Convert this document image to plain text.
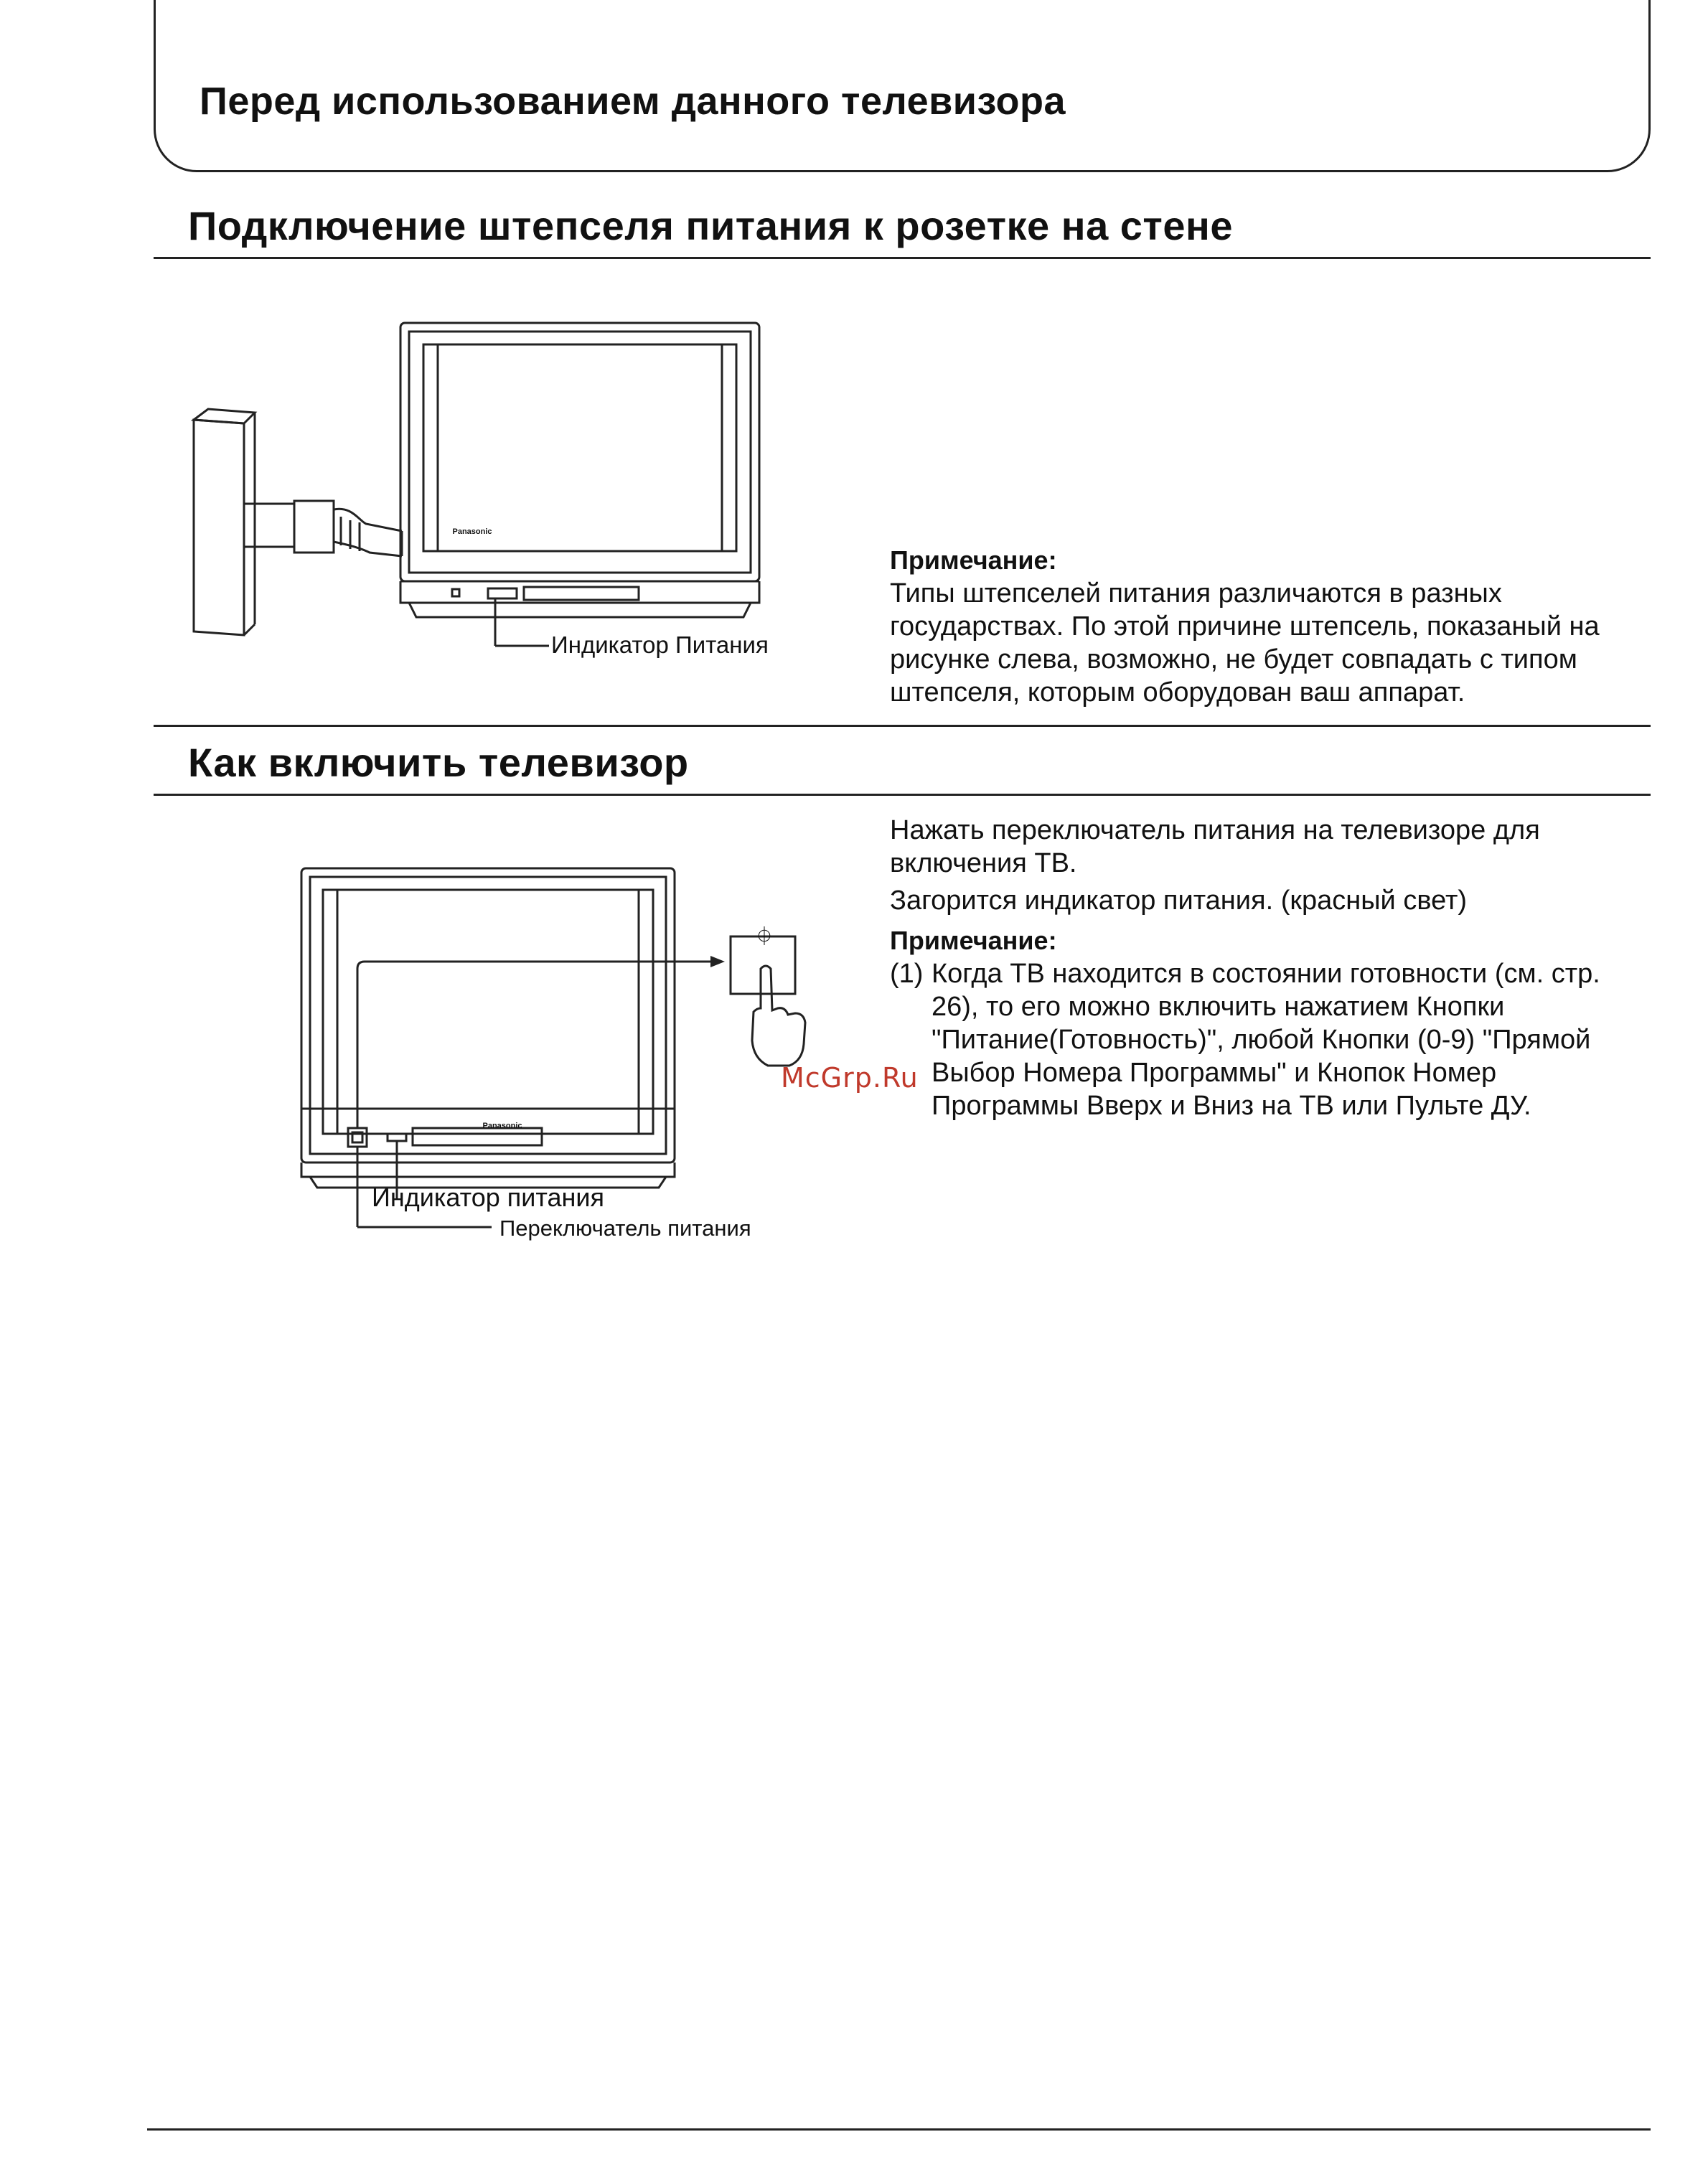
Перед использованием данного телевизора
Подключение штепселя питания к розетке на стене
Panasonic
Индикатор Питания
Примечание:
Типы штепселей питания различаются в разных
государствах. По этой причине штепсель, показаный на
рисунке слева, возможно, не будет совпадать с типом
штепселя, которым оборудован ваш аппарат.
Как включить телевизор
Panasonic
⏀
Индикатор питания
Переключатель питания
McGrp.Ru
Нажать переключатель питания на телевизоре для
включения ТВ.
Загорится индикатор питания. (красный свет)
Примечание:
(1) Когда ТВ находится в состоянии готовности (см. стр.
26), то его можно включить нажатием Кнопки
"Питание(Готовность)", любой Кнопки (0-9) "Прямой
Выбор Номера Программы" и Кнопок Номер
Программы Вверх и Вниз на ТВ или Пульте ДУ.
